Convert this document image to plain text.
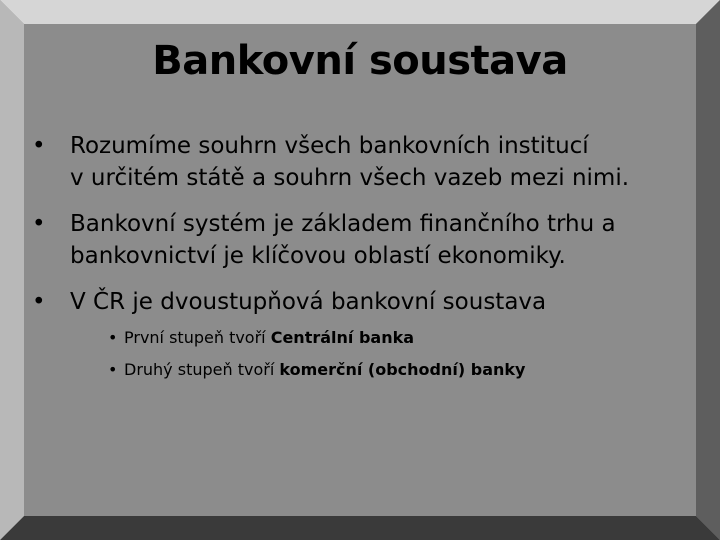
Bankovní soustava
• Rozumíme souhrn všech bankovních institucí
v určitém státě a souhrn všech vazeb mezi nimi.
• Bankovní systém je základem finančního trhu a
bankovnictví je klíčovou oblastí ekonomiky.
• V ČR je dvoustupňová bankovní soustava
• První stupeň tvoří Centrální banka
• Druhý stupeň tvoří komerční (obchodní) banky
